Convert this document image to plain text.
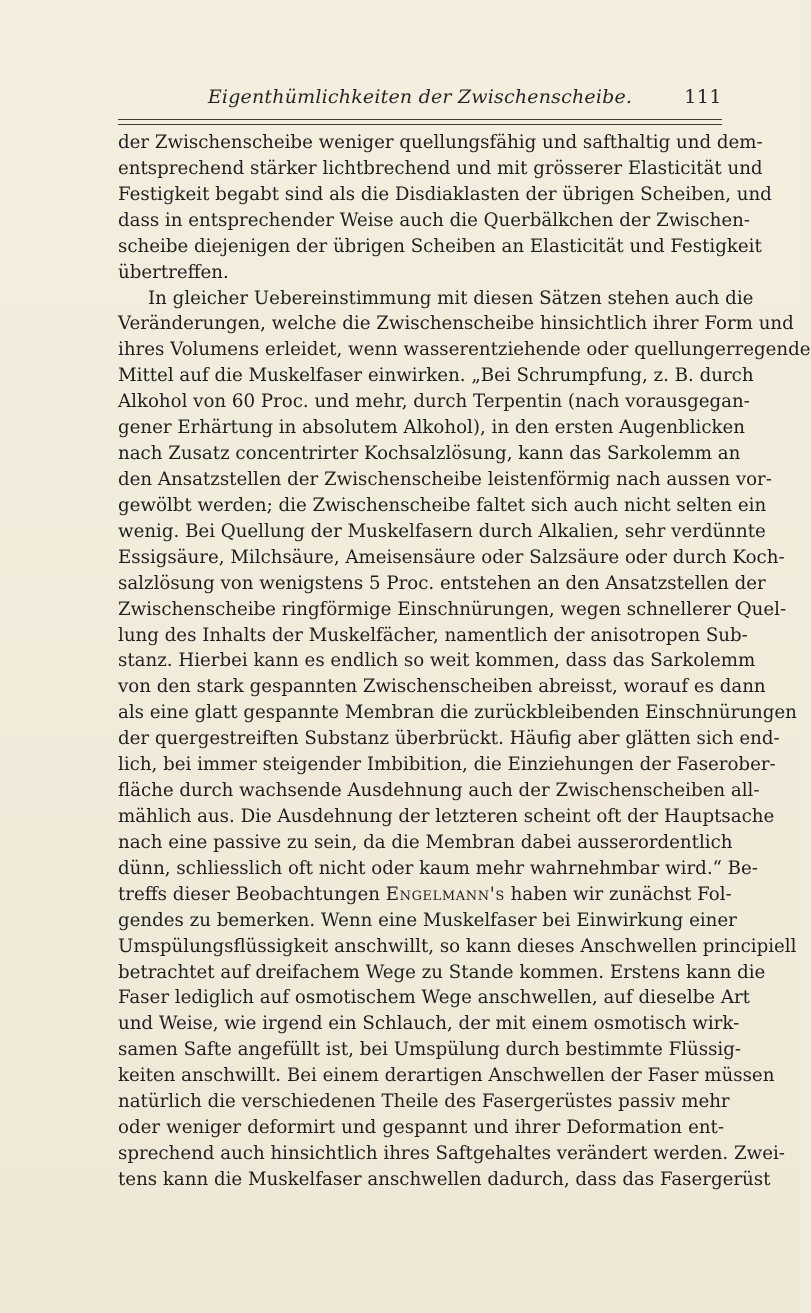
Eigenthümlichkeiten der Zwischenscheibe.	111
der Zwischenscheibe weniger quellungsfähig und safthaltig und dem-
entsprechend stärker lichtbrechend und mit grösserer Elasticität und
Festigkeit begabt sind als die Disdiaklasten der übrigen Scheiben, und
dass in entsprechender Weise auch die Querbälkchen der Zwischen-
scheibe diejenigen der übrigen Scheiben an Elasticität und Festigkeit
übertreffen.
In gleicher Uebereinstimmung mit diesen Sätzen stehen auch die
Veränderungen, welche die Zwischenscheibe hinsichtlich ihrer Form und
ihres Volumens erleidet, wenn wasserentziehende oder quellungerregende
Mittel auf die Muskelfaser einwirken. „Bei Schrumpfung, z. B. durch
Alkohol von 60 Proc. und mehr, durch Terpentin (nach vorausgegan-
gener Erhärtung in absolutem Alkohol), in den ersten Augenblicken
nach Zusatz concentrirter Kochsalzlösung, kann das Sarkolemm an
den Ansatzstellen der Zwischenscheibe leistenförmig nach aussen vor-
gewölbt werden; die Zwischenscheibe faltet sich auch nicht selten ein
wenig. Bei Quellung der Muskelfasern durch Alkalien, sehr verdünnte
Essigsäure, Milchsäure, Ameisensäure oder Salzsäure oder durch Koch-
salzlösung von wenigstens 5 Proc. entstehen an den Ansatzstellen der
Zwischenscheibe ringförmige Einschnürungen, wegen schnellerer Quel-
lung des Inhalts der Muskelfächer, namentlich der anisotropen Sub-
stanz. Hierbei kann es endlich so weit kommen, dass das Sarkolemm
von den stark gespannten Zwischenscheiben abreisst, worauf es dann
als eine glatt gespannte Membran die zurückbleibenden Einschnürungen
der quergestreiften Substanz überbrückt. Häufig aber glätten sich end-
lich, bei immer steigender Imbibition, die Einziehungen der Faserober-
fläche durch wachsende Ausdehnung auch der Zwischenscheiben all-
mählich aus. Die Ausdehnung der letzteren scheint oft der Hauptsache
nach eine passive zu sein, da die Membran dabei ausserordentlich
dünn, schliesslich oft nicht oder kaum mehr wahrnehmbar wird.“ Be-
treffs dieser Beobachtungen Engelmann's haben wir zunächst Fol-
gendes zu bemerken. Wenn eine Muskelfaser bei Einwirkung einer
Umspülungsflüssigkeit anschwillt, so kann dieses Anschwellen principiell
betrachtet auf dreifachem Wege zu Stande kommen. Erstens kann die
Faser lediglich auf osmotischem Wege anschwellen, auf dieselbe Art
und Weise, wie irgend ein Schlauch, der mit einem osmotisch wirk-
samen Safte angefüllt ist, bei Umspülung durch bestimmte Flüssig-
keiten anschwillt. Bei einem derartigen Anschwellen der Faser müssen
natürlich die verschiedenen Theile des Fasergerüstes passiv mehr
oder weniger deformirt und gespannt und ihrer Deformation ent-
sprechend auch hinsichtlich ihres Saftgehaltes verändert werden. Zwei-
tens kann die Muskelfaser anschwellen dadurch, dass das Fasergerüst
